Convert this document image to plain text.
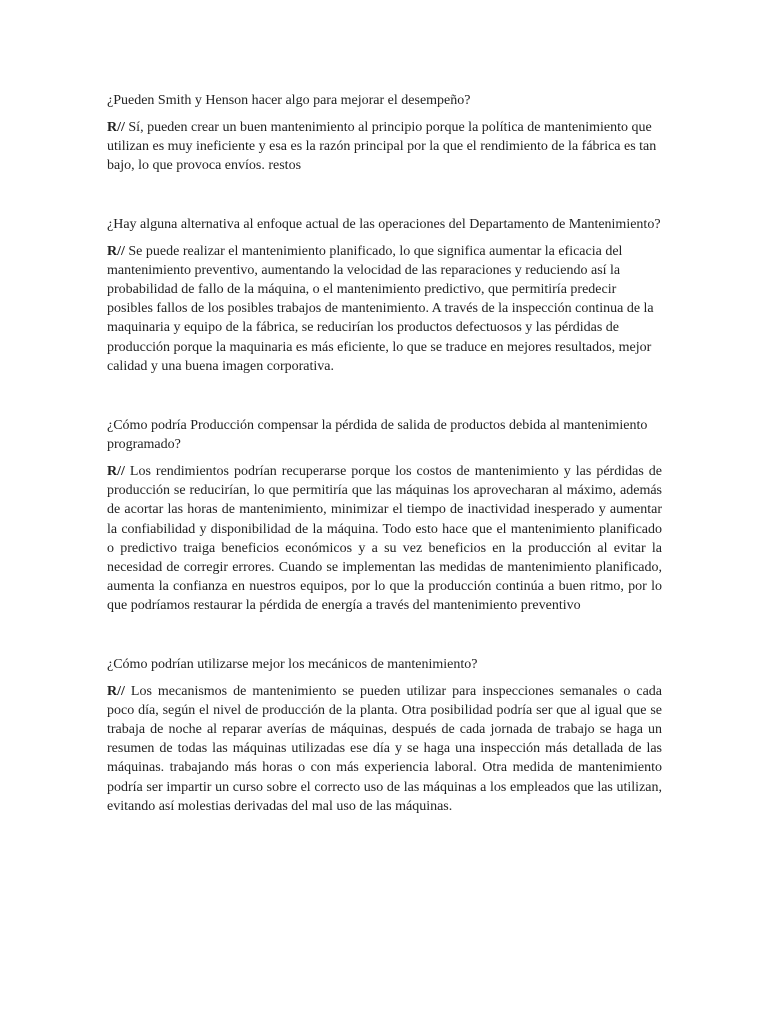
¿Pueden Smith y Henson hacer algo para mejorar el desempeño?

R// Sí, pueden crear un buen mantenimiento al principio porque la política de mantenimiento que utilizan es muy ineficiente y esa es la razón principal por la que el rendimiento de la fábrica es tan bajo, lo que provoca envíos. restos

¿Hay alguna alternativa al enfoque actual de las operaciones del Departamento de Mantenimiento?

R// Se puede realizar el mantenimiento planificado, lo que significa aumentar la eficacia del mantenimiento preventivo, aumentando la velocidad de las reparaciones y reduciendo así la probabilidad de fallo de la máquina, o el mantenimiento predictivo, que permitiría predecir posibles fallos de los posibles trabajos de mantenimiento. A través de la inspección continua de la maquinaria y equipo de la fábrica, se reducirían los productos defectuosos y las pérdidas de producción porque la maquinaria es más eficiente, lo que se traduce en mejores resultados, mejor calidad y una buena imagen corporativa.

¿Cómo podría Producción compensar la pérdida de salida de productos debida al mantenimiento programado?

R// Los rendimientos podrían recuperarse porque los costos de mantenimiento y las pérdidas de producción se reducirían, lo que permitiría que las máquinas los aprovecharan al máximo, además de acortar las horas de mantenimiento, minimizar el tiempo de inactividad inesperado y aumentar la confiabilidad y disponibilidad de la máquina. Todo esto hace que el mantenimiento planificado o predictivo traiga beneficios económicos y a su vez beneficios en la producción al evitar la necesidad de corregir errores. Cuando se implementan las medidas de mantenimiento planificado, aumenta la confianza en nuestros equipos, por lo que la producción continúa a buen ritmo, por lo que podríamos restaurar la pérdida de energía a través del mantenimiento preventivo

¿Cómo podrían utilizarse mejor los mecánicos de mantenimiento?

R// Los mecanismos de mantenimiento se pueden utilizar para inspecciones semanales o cada poco día, según el nivel de producción de la planta. Otra posibilidad podría ser que al igual que se trabaja de noche al reparar averías de máquinas, después de cada jornada de trabajo se haga un resumen de todas las máquinas utilizadas ese día y se haga una inspección más detallada de las máquinas. trabajando más horas o con más experiencia laboral. Otra medida de mantenimiento podría ser impartir un curso sobre el correcto uso de las máquinas a los empleados que las utilizan, evitando así molestias derivadas del mal uso de las máquinas.
